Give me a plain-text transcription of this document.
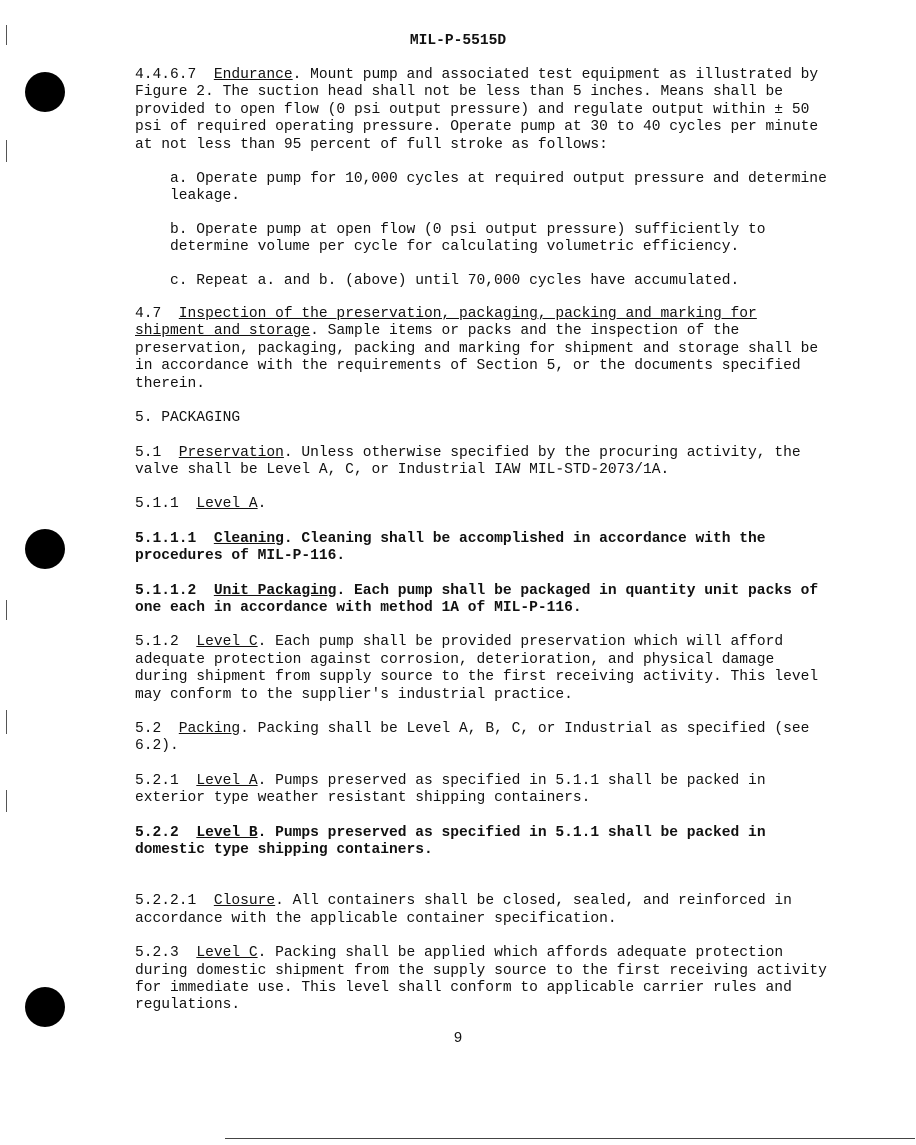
MIL-P-5515D

4.4.6.7 Endurance. Mount pump and associated test equipment as illustrated by Figure 2. The suction head shall not be less than 5 inches. Means shall be provided to open flow (0 psi output pressure) and regulate output within ± 50 psi of required operating pressure. Operate pump at 30 to 40 cycles per minute at not less than 95 percent of full stroke as follows:

a. Operate pump for 10,000 cycles at required output pressure and determine leakage.

b. Operate pump at open flow (0 psi output pressure) sufficiently to determine volume per cycle for calculating volumetric efficiency.

c. Repeat a. and b. (above) until 70,000 cycles have accumulated.

4.7 Inspection of the preservation, packaging, packing and marking for shipment and storage. Sample items or packs and the inspection of the preservation, packaging, packing and marking for shipment and storage shall be in accordance with the requirements of Section 5, or the documents specified therein.

5. PACKAGING

5.1 Preservation. Unless otherwise specified by the procuring activity, the valve shall be Level A, C, or Industrial IAW MIL-STD-2073/1A.

5.1.1 Level A.

5.1.1.1 Cleaning. Cleaning shall be accomplished in accordance with the procedures of MIL-P-116.

5.1.1.2 Unit Packaging. Each pump shall be packaged in quantity unit packs of one each in accordance with method 1A of MIL-P-116.

5.1.2 Level C. Each pump shall be provided preservation which will afford adequate protection against corrosion, deterioration, and physical damage during shipment from supply source to the first receiving activity. This level may conform to the supplier's industrial practice.

5.2 Packing. Packing shall be Level A, B, C, or Industrial as specified (see 6.2).

5.2.1 Level A. Pumps preserved as specified in 5.1.1 shall be packed in exterior type weather resistant shipping containers.

5.2.2 Level B. Pumps preserved as specified in 5.1.1 shall be packed in domestic type shipping containers.

5.2.2.1 Closure. All containers shall be closed, sealed, and reinforced in accordance with the applicable container specification.

5.2.3 Level C. Packing shall be applied which affords adequate protection during domestic shipment from the supply source to the first receiving activity for immediate use. This level shall conform to applicable carrier rules and regulations.

9
